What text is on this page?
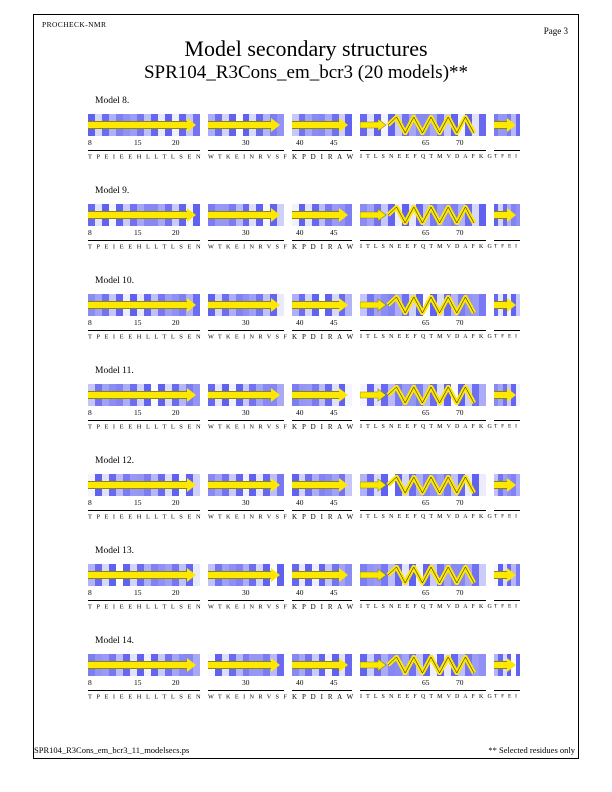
PROCHECK-NMR
Page 3
Model secondary structures
SPR104_R3Cons_em_bcr3 (20 models)**
Model 8.
8	15	20
T P E I E E H L L T L S E N
30
W T K E I N R V S F
40	45
K P D I R A W
65	70
I T L S N E E F Q T M V D A F K G T F E I
Model 9.
8	15	20
T P E I E E H L L T L S E N
30
W T K E I N R V S F
40	45
K P D I R A W
65	70
I T L S N E E F Q T M V D A F K G T F E I
Model 10.
8	15	20
T P E I E E H L L T L S E N
30
W T K E I N R V S F
40	45
K P D I R A W
65	70
I T L S N E E F Q T M V D A F K G T F E I
Model 11.
8	15	20
T P E I E E H L L T L S E N
30
W T K E I N R V S F
40	45
K P D I R A W
65	70
I T L S N E E F Q T M V D A F K G T F E I
Model 12.
8	15	20
T P E I E E H L L T L S E N
30
W T K E I N R V S F
40	45
K P D I R A W
65	70
I T L S N E E F Q T M V D A F K G T F E I
Model 13.
8	15	20
T P E I E E H L L T L S E N
30
W T K E I N R V S F
40	45
K P D I R A W
65	70
I T L S N E E F Q T M V D A F K G T F E I
Model 14.
8	15	20
T P E I E E H L L T L S E N
30
W T K E I N R V S F
40	45
K P D I R A W
65	70
I T L S N E E F Q T M V D A F K G T F E I
SPR104_R3Cons_em_bcr3_11_modelsecs.ps	** Selected residues only
